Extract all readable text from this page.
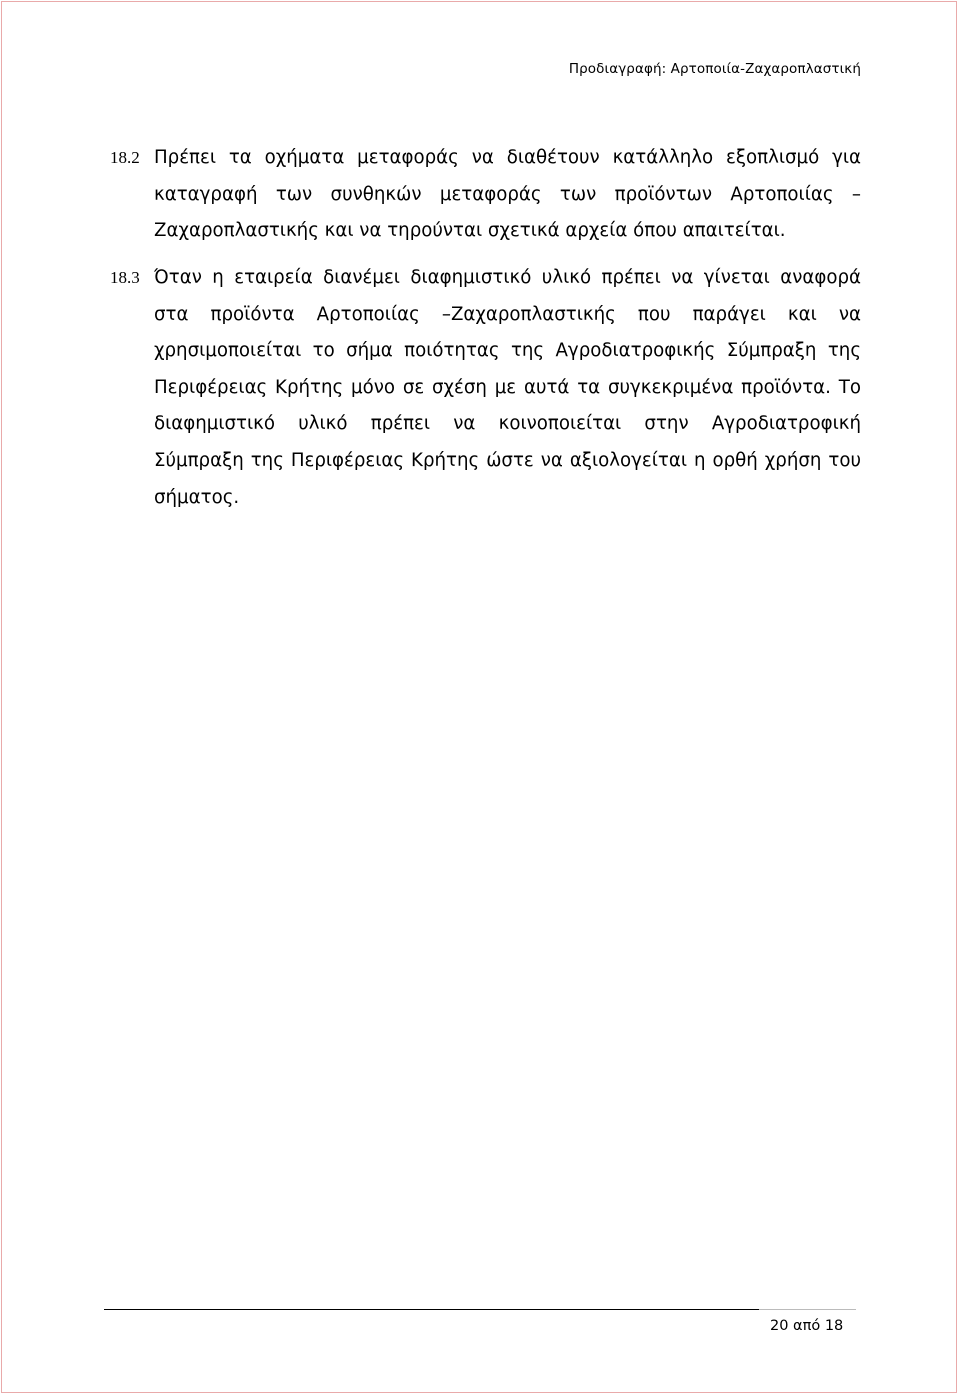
Προδιαγραφή: Αρτοποιία-Ζαχαροπλαστική
18.2 Πρέπει τα οχήματα μεταφοράς να διαθέτουν κατάλληλο εξοπλισμό για
καταγραφή των συνθηκών μεταφοράς των προϊόντων Αρτοποιίας –
Ζαχαροπλαστικής και να τηρούνται σχετικά αρχεία όπου απαιτείται.
18.3 Όταν η εταιρεία διανέμει διαφημιστικό υλικό πρέπει να γίνεται αναφορά
στα προϊόντα Αρτοποιίας –Ζαχαροπλαστικής που παράγει και να
χρησιμοποιείται το σήμα ποιότητας της Αγροδιατροφικής Σύμπραξη της
Περιφέρειας Κρήτης μόνο σε σχέση με αυτά τα συγκεκριμένα προϊόντα. Το
διαφημιστικό υλικό πρέπει να κοινοποιείται στην Αγροδιατροφική
Σύμπραξη της Περιφέρειας Κρήτης ώστε να αξιολογείται η ορθή χρήση του
σήματος.
20 από 18
